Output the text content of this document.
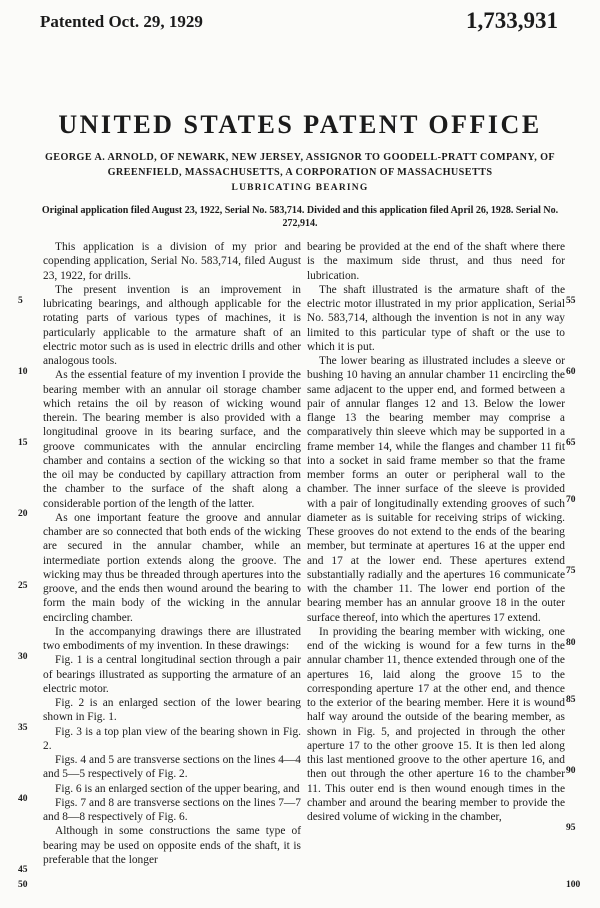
Patented Oct. 29, 1929	1,733,931
UNITED STATES PATENT OFFICE
GEORGE A. ARNOLD, OF NEWARK, NEW JERSEY, ASSIGNOR TO GOODELL-PRATT COMPANY, OF GREENFIELD, MASSACHUSETTS, A CORPORATION OF MASSACHUSETTS
LUBRICATING BEARING
Original application filed August 23, 1922, Serial No. 583,714. Divided and this application filed April 26, 1928. Serial No. 272,914.

This application is a division of my prior and copending application, Serial No. 583,714, filed August 23, 1922, for drills.

The present invention is an improvement in lubricating bearings, and although applicable for the rotating parts of various types of machines, it is particularly applicable to the armature shaft of an electric motor such as is used in electric drills and other analogous tools.

As the essential feature of my invention I provide the bearing member with an annular oil storage chamber which retains the oil by reason of wicking wound therein. The bearing member is also provided with a longitudinal groove in its bearing surface, and the groove communicates with the annular encircling chamber and contains a section of the wicking so that the oil may be conducted by capillary attraction from the chamber to the surface of the shaft along a considerable portion of the length of the latter.

As one important feature the groove and annular chamber are so connected that both ends of the wicking are secured in the annular chamber, while an intermediate portion extends along the groove. The wicking may thus be threaded through apertures into the groove, and the ends then wound around the bearing to form the main body of the wicking in the annular encircling chamber.

In the accompanying drawings there are illustrated two embodiments of my invention. In these drawings:

Fig. 1 is a central longitudinal section through a pair of bearings illustrated as supporting the armature of an electric motor.

Fig. 2 is an enlarged section of the lower bearing shown in Fig. 1.

Fig. 3 is a top plan view of the bearing shown in Fig. 2.

Figs. 4 and 5 are transverse sections on the lines 4—4 and 5—5 respectively of Fig. 2.

Fig. 6 is an enlarged section of the upper bearing, and

Figs. 7 and 8 are transverse sections on the lines 7—7 and 8—8 respectively of Fig. 6.

Although in some constructions the same type of bearing may be used on opposite ends of the shaft, it is preferable that the longer

bearing be provided at the end of the shaft where there is the maximum side thrust, and thus need for lubrication.

The shaft illustrated is the armature shaft of the electric motor illustrated in my prior application, Serial No. 583,714, although the invention is not in any way limited to this particular type of shaft or the use to which it is put.

The lower bearing as illustrated includes a sleeve or bushing 10 having an annular chamber 11 encircling the same adjacent to the upper end, and formed between a pair of annular flanges 12 and 13. Below the lower flange 13 the bearing member may comprise a comparatively thin sleeve which may be supported in a frame member 14, while the flanges and chamber 11 fit into a socket in said frame member so that the frame member forms an outer or peripheral wall to the chamber. The inner surface of the sleeve is provided with a pair of longitudinally extending grooves of such diameter as is suitable for receiving strips of wicking. These grooves do not extend to the ends of the bearing member, but terminate at apertures 16 at the upper end and 17 at the lower end. These apertures extend substantially radially and the apertures 16 communicate with the chamber 11. The lower end portion of the bearing member has an annular groove 18 in the outer surface thereof, into which the apertures 17 extend.

In providing the bearing member with wicking, one end of the wicking is wound for a few turns in the annular chamber 11, thence extended through one of the apertures 16, laid along the groove 15 to the corresponding aperture 17 at the other end, and thence to the exterior of the bearing member. Here it is wound half way around the outside of the bearing member, as shown in Fig. 5, and projected in through the other aperture 17 to the other groove 15. It is then led along this last mentioned groove to the other aperture 16, and then out through the other aperture 16 to the chamber 11. This outer end is then wound enough times in the chamber and around the bearing member to provide the desired volume of wicking in the chamber,

5
10
15
20
25
30
35
40
45
50
55
60
65
70
75
80
85
90
95
100
